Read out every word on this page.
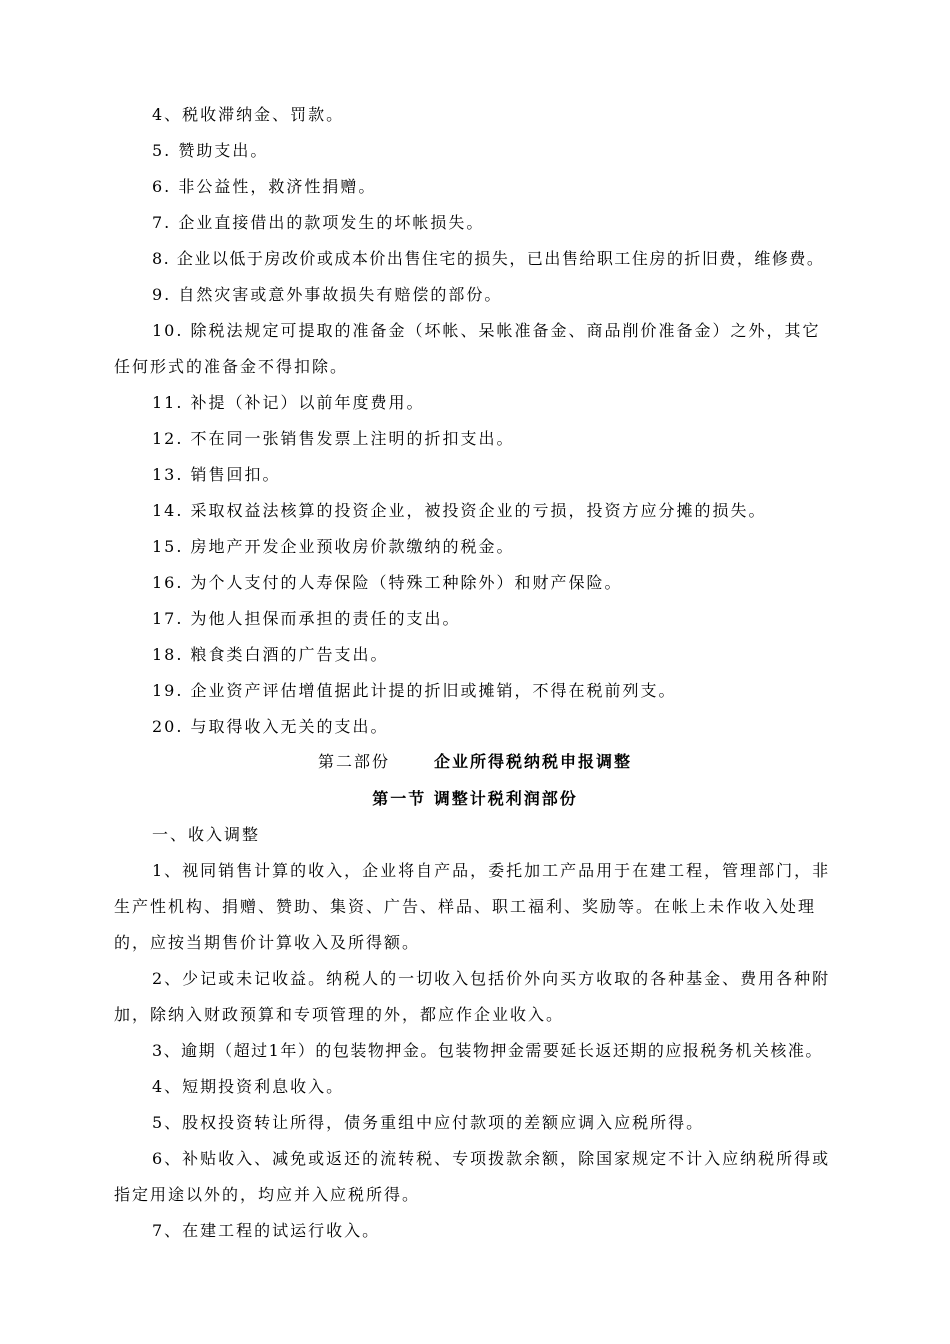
4、税收滞纳金、罚款。
5. 赞助支出。
6. 非公益性，救济性捐赠。
7. 企业直接借出的款项发生的坏帐损失。
8. 企业以低于房改价或成本价出售住宅的损失，已出售给职工住房的折旧费，维修费。
9. 自然灾害或意外事故损失有赔偿的部份。
10. 除税法规定可提取的准备金（坏帐、呆帐准备金、商品削价准备金）之外，其它
任何形式的准备金不得扣除。
11. 补提（补记）以前年度费用。
12. 不在同一张销售发票上注明的折扣支出。
13. 销售回扣。
14. 采取权益法核算的投资企业，被投资企业的亏损，投资方应分摊的损失。
15. 房地产开发企业预收房价款缴纳的税金。
16. 为个人支付的人寿保险（特殊工种除外）和财产保险。
17. 为他人担保而承担的责任的支出。
18. 粮食类白酒的广告支出。
19. 企业资产评估增值据此计提的折旧或摊销，不得在税前列支。
20. 与取得收入无关的支出。
第二部份	企业所得税纳税申报调整
第一节 调整计税利润部份
一、收入调整
1、视同销售计算的收入，企业将自产品，委托加工产品用于在建工程，管理部门，非
生产性机构、捐赠、赞助、集资、广告、样品、职工福利、奖励等。在帐上未作收入处理
的，应按当期售价计算收入及所得额。
2、少记或未记收益。纳税人的一切收入包括价外向买方收取的各种基金、费用各种附
加，除纳入财政预算和专项管理的外，都应作企业收入。
3、逾期（超过1年）的包装物押金。包装物押金需要延长返还期的应报税务机关核准。
4、短期投资利息收入。
5、股权投资转让所得，债务重组中应付款项的差额应调入应税所得。
6、补贴收入、减免或返还的流转税、专项拨款余额，除国家规定不计入应纳税所得或
指定用途以外的，均应并入应税所得。
7、在建工程的试运行收入。
